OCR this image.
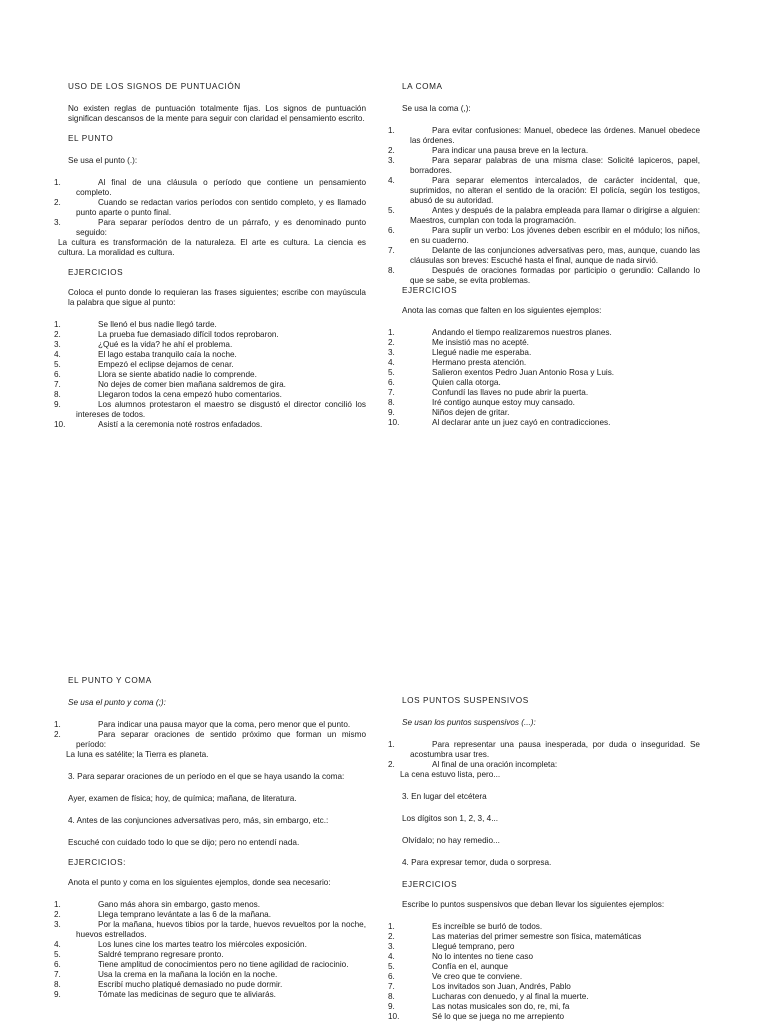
USO DE LOS SIGNOS DE PUNTUACIÓN

No existen reglas de puntuación totalmente fijas. Los signos de puntuación significan descansos de la mente para seguir con claridad el pensamiento escrito.

EL PUNTO

Se usa el punto (.):

1.	Al final de una cláusula o período que contiene un pensamiento completo.
2.	Cuando se redactan varios períodos con sentido completo, y es llamado punto aparte o punto final.
3.	Para separar períodos dentro de un párrafo, y es denominado punto seguido:

La cultura es transformación de la naturaleza. El arte es cultura. La ciencia es cultura. La moralidad es cultura.

EJERCICIOS

Coloca el punto donde lo requieran las frases siguientes; escribe con mayúscula la palabra que sigue al punto:

1.	Se llenó el bus nadie llegó tarde.
2.	La prueba fue demasiado difícil todos reprobaron.
3.	¿Qué es la vida? he ahí el problema.
4.	El lago estaba tranquilo caía la noche.
5.	Empezó el eclipse dejamos de cenar.
6.	Llora se siente abatido nadie lo comprende.
7.	No dejes de comer bien mañana saldremos de gira.
8.	Llegaron todos la cena empezó hubo comentarios.
9.	Los alumnos protestaron el maestro se disgustó el director concilió los intereses de todos.
10.	Asistí a la ceremonia noté rostros enfadados.

LA COMA

Se usa la coma (,):

1.	Para evitar confusiones: Manuel, obedece las órdenes. Manuel obedece las órdenes.
2.	Para indicar una pausa breve en la lectura.
3.	Para separar palabras de una misma clase: Solicité lapiceros, papel, borradores.
4.	Para separar elementos intercalados, de carácter incidental, que, suprimidos, no alteran el sentido de la oración: El policía, según los testigos, abusó de su autoridad.
5.	Antes y después de la palabra empleada para llamar o dirigirse a alguien: Maestros, cumplan con toda la programación.
6.	Para suplir un verbo: Los jóvenes deben escribir en el módulo; los niños, en su cuaderno.
7.	Delante de las conjunciones adversativas pero, mas, aunque, cuando las cláusulas son breves: Escuché hasta el final, aunque de nada sirvió.
8.	Después de oraciones formadas por participio o gerundio: Callando lo que se sabe, se evita problemas.

EJERCICIOS

Anota las comas que falten en los siguientes ejemplos:

1.	Andando el tiempo realizaremos nuestros planes.
2.	Me insistió mas no acepté.
3.	Llegué nadie me esperaba.
4.	Hermano presta atención.
5.	Salieron exentos Pedro Juan Antonio Rosa y Luis.
6.	Quien calla otorga.
7.	Confundí las llaves no pude abrir la puerta.
8.	Iré contigo aunque estoy muy cansado.
9.	Niños dejen de gritar.
10.	Al declarar ante un juez cayó en contradicciones.

EL PUNTO Y COMA

Se usa el punto y coma (;):

1.	Para indicar una pausa mayor que la coma, pero menor que el punto.
2.	Para separar oraciones de sentido próximo que forman un mismo período:

La luna es satélite; la Tierra es planeta.

3. Para separar oraciones de un período en el que se haya usando la coma:

Ayer, examen de física; hoy, de química; mañana, de literatura.

4. Antes de las conjunciones adversativas pero, más, sin embargo, etc.:

Escuché con cuidado todo lo que se dijo; pero no entendí nada.

EJERCICIOS:

Anota el punto y coma en los siguientes ejemplos, donde sea necesario:

1.	Gano más ahora sin embargo, gasto menos.
2.	Llega temprano levántate a las 6 de la mañana.
3.	Por la mañana, huevos tibios por la tarde, huevos revueltos por la noche, huevos estrellados.
4.	Los lunes cine los martes teatro los miércoles exposición.
5.	Saldré temprano regresare pronto.
6.	Tiene amplitud de conocimientos pero no tiene agilidad de raciocinio.
7.	Usa la crema en la mañana la loción en la noche.
8.	Escribí mucho platiqué demasiado no pude dormir.
9.	Tómate las medicinas de seguro que te aliviarás.

LOS PUNTOS SUSPENSIVOS

Se usan los puntos suspensivos (...):

1.	Para representar una pausa inesperada, por duda o inseguridad. Se acostumbra usar tres.
2.	Al final de una oración incompleta:

La cena estuvo lista, pero...

3. En lugar del etcétera

Los dígitos son 1, 2, 3, 4...

Olvídalo; no hay remedio...

4. Para expresar temor, duda o sorpresa.

EJERCICIOS

Escribe lo puntos suspensivos que deban llevar los siguientes ejemplos:

1.	Es increíble se burló de todos.
2.	Las materias del primer semestre son física, matemáticas
3.	Llegué temprano, pero
4.	No lo intentes no tiene caso
5.	Confía en el, aunque
6.	Ve creo que te conviene.
7.	Los invitados son Juan, Andrés, Pablo
8.	Lucharas con denuedo, y al final la muerte.
9.	Las notas musicales son do, re, mi, fa
10.	Sé lo que se juega no me arrepiento
